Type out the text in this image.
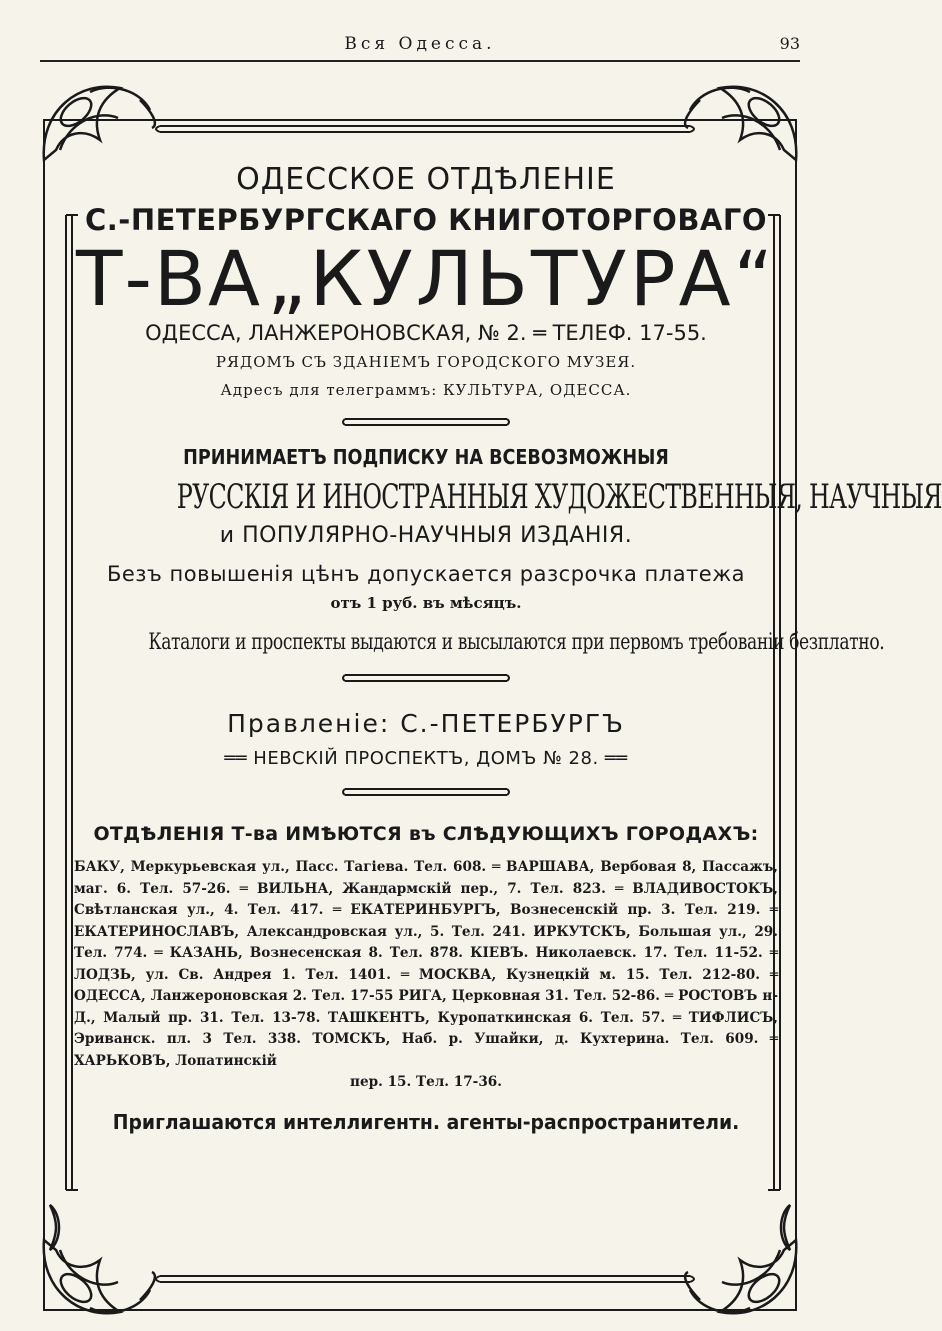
Вся Одесса.	93
ОДЕССКОЕ ОТДѢЛЕНІЕ
С.-ПЕТЕРБУРГСКАГО КНИГОТОРГОВАГО
Т-ВА „КУЛЬТУРА“
ОДЕССА, ЛАНЖЕРОНОВСКАЯ, № 2. ═ ТЕЛЕФ. 17-55.
РЯДОМЪ СЪ ЗДАНІЕМЪ ГОРОДСКОГО МУЗЕЯ.
Адресъ для телеграммъ: КУЛЬТУРА, ОДЕССА.
ПРИНИМАЕТЪ ПОДПИСКУ НА ВСЕВОЗМОЖНЫЯ
РУССКІЯ И ИНОСТРАННЫЯ ХУДОЖЕСТВЕННЫЯ, НАУЧНЫЯ
и ПОПУЛЯРНО-НАУЧНЫЯ ИЗДАНІЯ.
Безъ повышенія цѣнъ допускается разсрочка платежа
отъ 1 руб. въ мѣсяцъ.
Каталоги и проспекты выдаются и высылаются при первомъ требованіи безплатно.
Правленіе: С.-ПЕТЕРБУРГЪ
══ НЕВСКІЙ ПРОСПЕКТЪ, ДОМЪ № 28. ══
ОТДѢЛЕНІЯ Т-ва ИМѢЮТСЯ въ СЛѢДУЮЩИХЪ ГОРОДАХЪ:
БАКУ, Меркурьевская ул., Пасс. Тагіева. Тел. 608. ═ ВАРШАВА, Вербовая 8, Пассажъ, маг. 6. Тел. 57-26. ═ ВИЛЬНА, Жандармскій пер., 7. Тел. 823. ═ ВЛАДИВОСТОКЪ, Свѣтланская ул., 4. Тел. 417. ═ ЕКАТЕРИНБУРГЪ, Вознесенскій пр. 3. Тел. 219. ═ ЕКАТЕРИНОСЛАВЪ, Александровская ул., 5. Тел. 241. ИРКУТСКЪ, Большая ул., 29. Тел. 774. ═ КАЗАНЬ, Вознесенская 8. Тел. 878. КІЕВЪ. Николаевск. 17. Тел. 11-52. ═ ЛОДЗЬ, ул. Св. Андрея 1. Тел. 1401. ═ МОСКВА, Кузнецкій м. 15. Тел. 212-80. ═ ОДЕССА, Ланжероновская 2. Тел. 17-55 РИГА, Церковная 31. Тел. 52-86. ═ РОСТОВЪ н-Д., Малый пр. 31. Тел. 13-78. ТАШКЕНТЪ, Куропаткинская 6. Тел. 57. ═ ТИФЛИСЪ, Эриванск. пл. 3 Тел. 338. ТОМСКЪ, Наб. р. Ушайки, д. Кухтерина. Тел. 609. ═ ХАРЬКОВЪ, Лопатинскій
пер. 15. Тел. 17-36.
Приглашаются интеллигентн. агенты-распространители.
